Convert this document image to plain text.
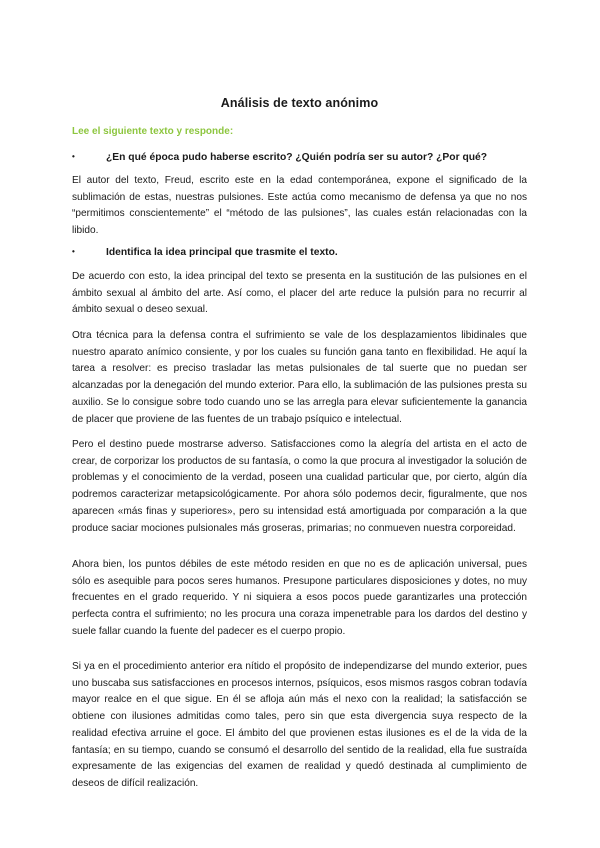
Análisis de texto anónimo
Lee el siguiente texto y responde:
•	¿En qué época pudo haberse escrito? ¿Quién podría ser su autor? ¿Por qué?
El autor del texto, Freud, escrito este en la edad contemporánea, expone el significado de la sublimación de estas, nuestras pulsiones. Este actúa como mecanismo de defensa ya que no nos “permitimos conscientemente” el “método de las pulsiones”, las cuales están relacionadas con la libido.
•	Identifica la idea principal que trasmite el texto.
De acuerdo con esto, la idea principal del texto se presenta en la sustitución de las pulsiones en el ámbito sexual al ámbito del arte. Así como, el placer del arte reduce la pulsión para no recurrir al ámbito sexual o deseo sexual.
Otra técnica para la defensa contra el sufrimiento se vale de los desplazamientos libidinales que nuestro aparato anímico consiente, y por los cuales su función gana tanto en flexibilidad. He aquí la tarea a resolver: es preciso trasladar las metas pulsionales de tal suerte que no puedan ser alcanzadas por la denegación del mundo exterior. Para ello, la sublimación de las pulsiones presta su auxilio. Se lo consigue sobre todo cuando uno se las arregla para elevar suficientemente la ganancia de placer que proviene de las fuentes de un trabajo psíquico e intelectual.
Pero el destino puede mostrarse adverso. Satisfacciones como la alegría del artista en el acto de crear, de corporizar los productos de su fantasía, o como la que procura al investigador la solución de problemas y el conocimiento de la verdad, poseen una cualidad particular que, por cierto, algún día podremos caracterizar metapsicológicamente. Por ahora sólo podemos decir, figuralmente, que nos aparecen «más finas y superiores», pero su intensidad está amortiguada por comparación a la que produce saciar mociones pulsionales más groseras, primarias; no conmueven nuestra corporeidad.
Ahora bien, los puntos débiles de este método residen en que no es de aplicación universal, pues sólo es asequible para pocos seres humanos. Presupone particulares disposiciones y dotes, no muy frecuentes en el grado requerido. Y ni siquiera a esos pocos puede garantizarles una protección perfecta contra el sufrimiento; no les procura una coraza impenetrable para los dardos del destino y suele fallar cuando la fuente del padecer es el cuerpo propio.
Si ya en el procedimiento anterior era nítido el propósito de independizarse del mundo exterior, pues uno buscaba sus satisfacciones en procesos internos, psíquicos, esos mismos rasgos cobran todavía mayor realce en el que sigue. En él se afloja aún más el nexo con la realidad; la satisfacción se obtiene con ilusiones admitidas como tales, pero sin que esta divergencia suya respecto de la realidad efectiva arruine el goce. El ámbito del que provienen estas ilusiones es el de la vida de la fantasía; en su tiempo, cuando se consumó el desarrollo del sentido de la realidad, ella fue sustraída expresamente de las exigencias del examen de realidad y quedó destinada al cumplimiento de deseos de difícil realización.
